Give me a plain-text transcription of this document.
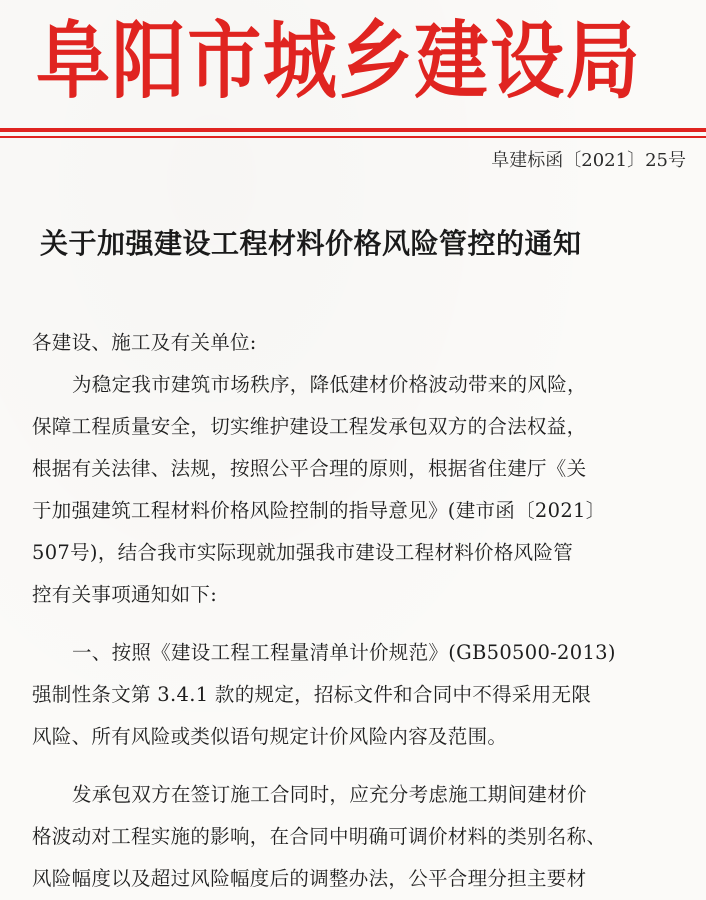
阜阳市城乡建设局
阜建标函〔2021〕25号
关于加强建设工程材料价格风险管控的通知
各建设、施工及有关单位:
为稳定我市建筑市场秩序，降低建材价格波动带来的风险，
保障工程质量安全，切实维护建设工程发承包双方的合法权益，
根据有关法律、法规，按照公平合理的原则，根据省住建厅《关
于加强建筑工程材料价格风险控制的指导意见》(建市函〔2021〕
507号)，结合我市实际现就加强我市建设工程材料价格风险管
控有关事项通知如下:
一、按照《建设工程工程量清单计价规范》(GB50500-2013)
强制性条文第 3.4.1 款的规定，招标文件和合同中不得采用无限
风险、所有风险或类似语句规定计价风险内容及范围。
发承包双方在签订施工合同时，应充分考虑施工期间建材价
格波动对工程实施的影响，在合同中明确可调价材料的类别名称、
风险幅度以及超过风险幅度后的调整办法，公平合理分担主要材
